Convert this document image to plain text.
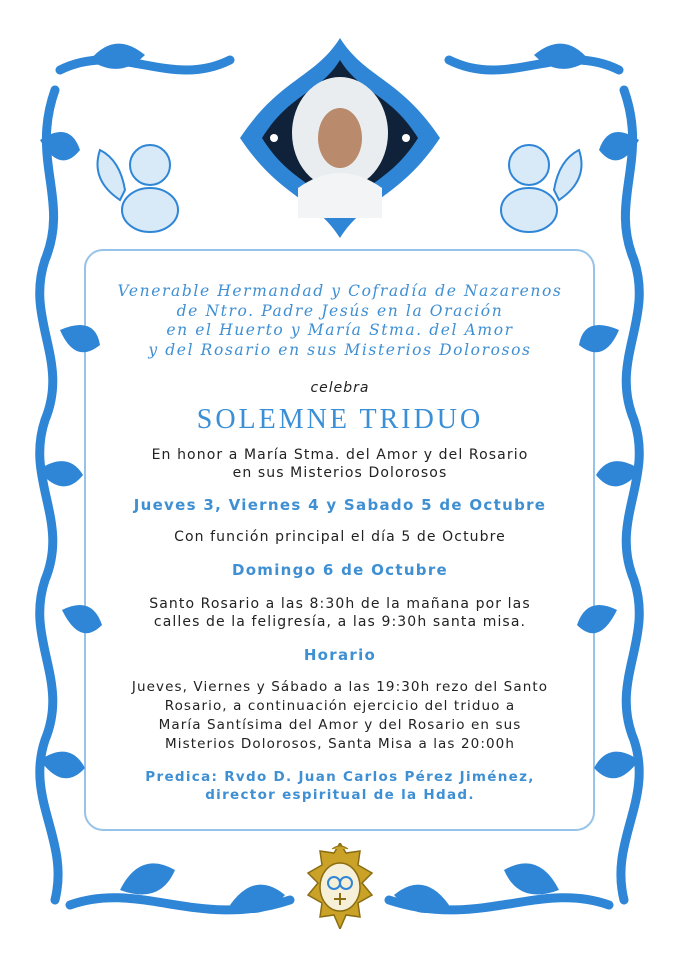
Venerable Hermandad y Cofradía de Nazarenos
de Ntro. Padre Jesús en la Oración
en el Huerto y María Stma. del Amor
y del Rosario en sus Misterios Dolorosos

celebra
SOLEMNE TRIDUO
En honor a María Stma. del Amor y del Rosario
en sus Misterios Dolorosos
Jueves 3, Viernes 4 y Sabado 5 de Octubre
Con función principal el día 5 de Octubre
Domingo 6 de Octubre
Santo Rosario a las 8:30h de la mañana por las
calles de la feligresía, a las 9:30h santa misa.
Horario
Jueves, Viernes y Sábado a las 19:30h rezo del Santo
Rosario, a continuación ejercicio del triduo a
María Santísima del Amor y del Rosario en sus
Misterios Dolorosos, Santa Misa a las 20:00h
Predica: Rvdo D. Juan Carlos Pérez Jiménez,
director espiritual de la Hdad.
